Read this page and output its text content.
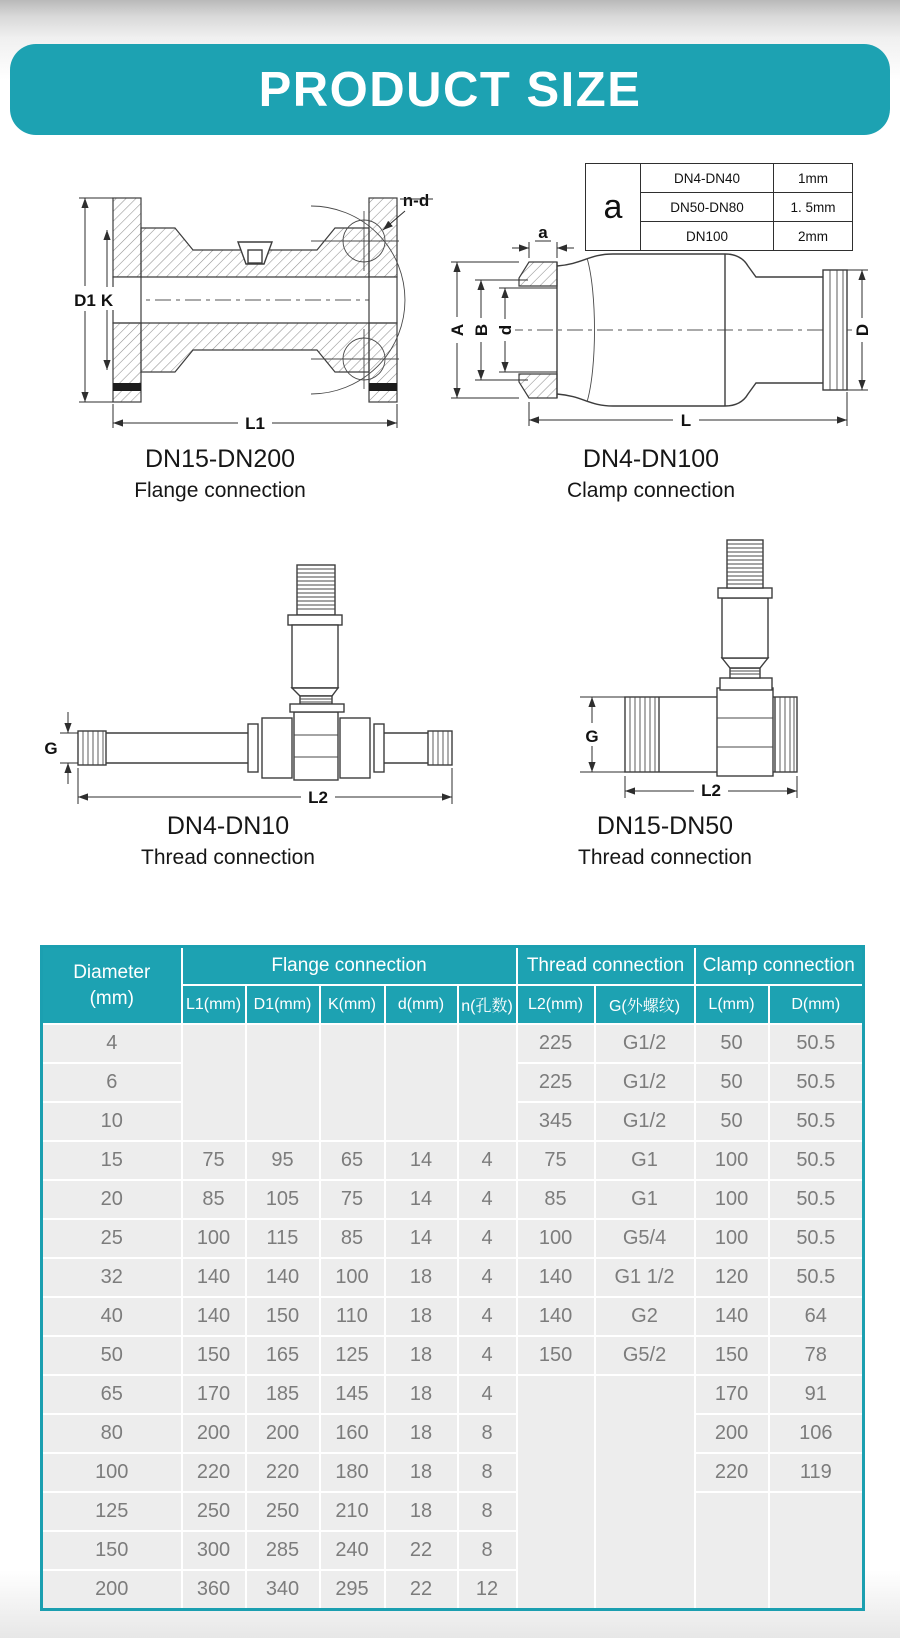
PRODUCT SIZE
D1 K
L1
n-d
a
A B d	D
L
a	DN4-DN40	1mm
	DN50-DN80	1. 5mm
	DN100	2mm
G
L2
G
L2
DN15-DN200
Flange connection
DN4-DN100
Clamp connection
DN4-DN10
Thread connection
DN15-DN50
Thread connection
Diameter
(mm)	Flange connection					Thread connection		Clamp connection	
	L1(mm)	D1(mm)	K(mm)	d(mm)	n(孔数)	L2(mm)	G(外螺纹)	L(mm)	D(mm)
4						225	G1/2	50	50.5
6						225	G1/2	50	50.5
10						345	G1/2	50	50.5
15	75	95	65	14	4	75	G1	100	50.5
20	85	105	75	14	4	85	G1	100	50.5
25	100	115	85	14	4	100	G5/4	100	50.5
32	140	140	100	18	4	140	G1 1/2	120	50.5
40	140	150	110	18	4	140	G2	140	64
50	150	165	125	18	4	150	G5/2	150	78
65	170	185	145	18	4			170	91
80	200	200	160	18	8			200	106
100	220	220	180	18	8			220	119
125	250	250	210	18	8				
150	300	285	240	22	8				
200	360	340	295	22	12				
